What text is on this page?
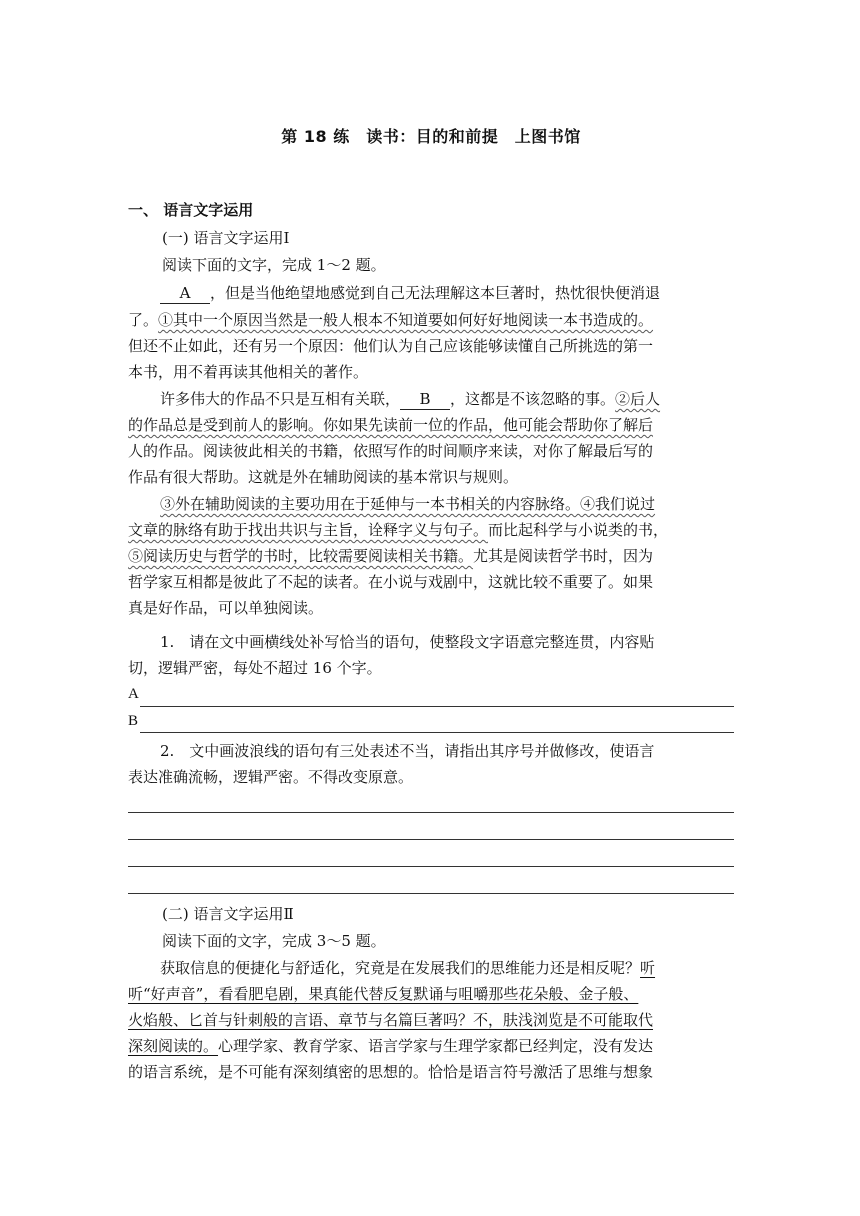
第 18 练　读书：目的和前提　上图书馆
一、 语言文字运用
(一) 语言文字运用Ⅰ
阅读下面的文字，完成 1～2 题。
A ，但是当他绝望地感觉到自己无法理解这本巨著时，热忱很快便消退
了。①其中一个原因当然是一般人根本不知道要如何好好地阅读一本书造成的。
但还不止如此，还有另一个原因：他们认为自己应该能够读懂自己所挑选的第一
本书，用不着再读其他相关的著作。
许多伟大的作品不只是互相有关联， B ，这都是不该忽略的事。②后人
的作品总是受到前人的影响。你如果先读前一位的作品，他可能会帮助你了解后
人的作品。阅读彼此相关的书籍，依照写作的时间顺序来读，对你了解最后写的
作品有很大帮助。这就是外在辅助阅读的基本常识与规则。
③外在辅助阅读的主要功用在于延伸与一本书相关的内容脉络。④我们说过
文章的脉络有助于找出共识与主旨，诠释字义与句子。而比起科学与小说类的书，
⑤阅读历史与哲学的书时，比较需要阅读相关书籍。尤其是阅读哲学书时，因为
哲学家互相都是彼此了不起的读者。在小说与戏剧中，这就比较不重要了。如果
真是好作品，可以单独阅读。
1.　请在文中画横线处补写恰当的语句，使整段文字语意完整连贯，内容贴
切，逻辑严密，每处不超过 16 个字。
A
B
2.　文中画波浪线的语句有三处表述不当，请指出其序号并做修改，使语言
表达准确流畅，逻辑严密。不得改变原意。
(二) 语言文字运用Ⅱ
阅读下面的文字，完成 3～5 题。
获取信息的便捷化与舒适化，究竟是在发展我们的思维能力还是相反呢？听
听“好声音”，看看肥皂剧，果真能代替反复默诵与咀嚼那些花朵般、金子般、
火焰般、匕首与针刺般的言语、章节与名篇巨著吗？不，肤浅浏览是不可能取代
深刻阅读的。心理学家、教育学家、语言学家与生理学家都已经判定，没有发达
的语言系统，是不可能有深刻缜密的思想的。恰恰是语言符号激活了思维与想象
